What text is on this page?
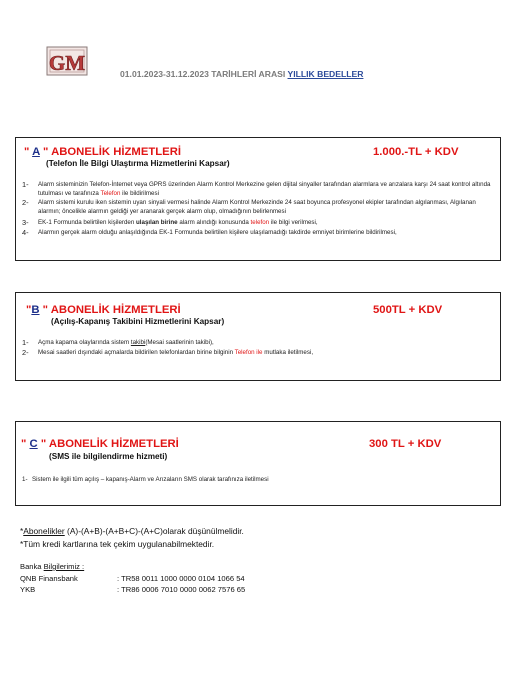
GM	01.01.2023-31.12.2023 TARİHLERİ ARASI YILLIK BEDELLER
" A " ABONELİK HİZMETLERİ	1.000.-TL + KDV
(Telefon İle Bilgi Ulaştırma Hizmetlerini Kapsar)
1- Alarm sisteminizin Telefon-İnternet veya GPRS üzerinden Alarm Kontrol Merkezine gelen dijital sinyaller tarafından alarmlara ve arızalara karşı 24 saat kontrol altında tutulması ve tarafınıza Telefon ile bildirilmesi
2- Alarm sistemi kurulu iken sistemin uyarı sinyali vermesi halinde Alarm Kontrol Merkezinde 24 saat boyunca profesyonel ekipler tarafından algılanması, Algılanan alarmın; öncelikle alarmın geldiği yer aranarak gerçek alarm olup, olmadığının belirlenmesi
3- EK-1 Formunda belirtilen kişilerden ulaşılan birine alarm alındığı konusunda telefon ile bilgi verilmesi,
4- Alarmın gerçek alarm olduğu anlaşıldığında EK-1 Formunda belirtilen kişilere ulaşılamadığı takdirde emniyet birimlerine bildirilmesi,
"B " ABONELİK HİZMETLERİ	500TL + KDV
(Açılış-Kapanış Takibini Hizmetlerini Kapsar)
1- Açma kapama olaylarında sistem takibi(Mesai saatlerinin takibi),
2- Mesai saatleri dışındaki açmalarda bildirilen telefonlardan birine bilginin Telefon ile mutlaka iletilmesi,
" C " ABONELİK HİZMETLERİ	300 TL + KDV
(SMS ile bilgilendirme hizmeti)
1- Sistem ile ilgili tüm açılış – kapanış-Alarm ve Arızaların SMS olarak tarafınıza iletilmesi
*Abonelikler (A)-(A+B)-(A+B+C)-(A+C)olarak düşünülmelidir.
*Tüm kredi kartlarına tek çekim uygulanabilmektedir.
Banka Bilgilerimiz :
QNB Finansbank	: TR58 0011 1000 0000 0104 1066 54
YKB	: TR86 0006 7010 0000 0062 7576 65
